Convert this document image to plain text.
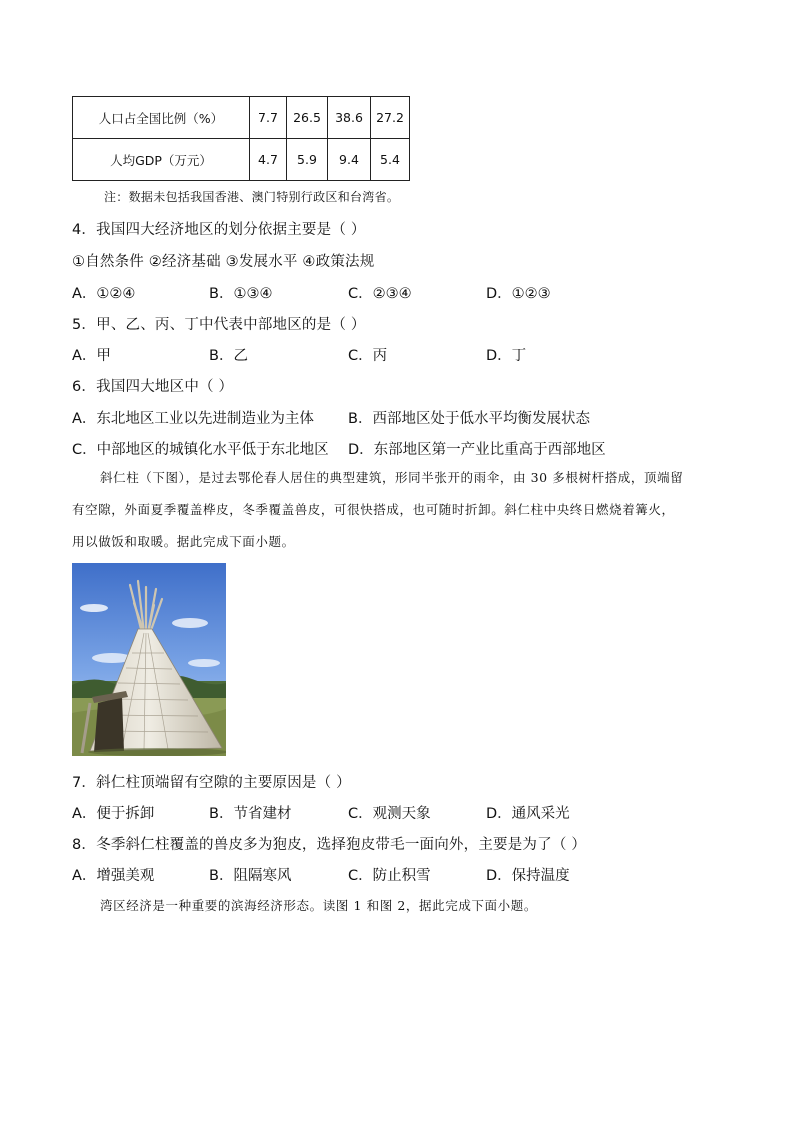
人口占全国比例（%）	7.7	26.5	38.6	27.2
人均GDP（万元）	4.7	5.9	9.4	5.4
注：数据未包括我国香港、澳门特别行政区和台湾省。
4．我国四大经济地区的划分依据主要是（ ）
①自然条件 ②经济基础 ③发展水平 ④政策法规
A．①②④	B．①③④	C．②③④	D．①②③
5．甲、乙、丙、丁中代表中部地区的是（ ）
A．甲	B．乙	C．丙	D．丁
6．我国四大地区中（ ）
A．东北地区工业以先进制造业为主体 B．西部地区处于低水平均衡发展状态
C．中部地区的城镇化水平低于东北地区 D．东部地区第一产业比重高于西部地区
斜仁柱（下图），是过去鄂伦春人居住的典型建筑，形同半张开的雨伞，由 30 多根树杆搭成，顶端留
有空隙，外面夏季覆盖桦皮，冬季覆盖兽皮，可很快搭成，也可随时折卸。斜仁柱中央终日燃烧着篝火，
用以做饭和取暖。据此完成下面小题。
7．斜仁柱顶端留有空隙的主要原因是（ ）
A．便于拆卸	B．节省建材	C．观测天象	D．通风采光
8．冬季斜仁柱覆盖的兽皮多为狍皮，选择狍皮带毛一面向外，主要是为了（ ）
A．增强美观	B．阻隔寒风	C．防止积雪	D．保持温度
湾区经济是一种重要的滨海经济形态。读图 1 和图 2，据此完成下面小题。
